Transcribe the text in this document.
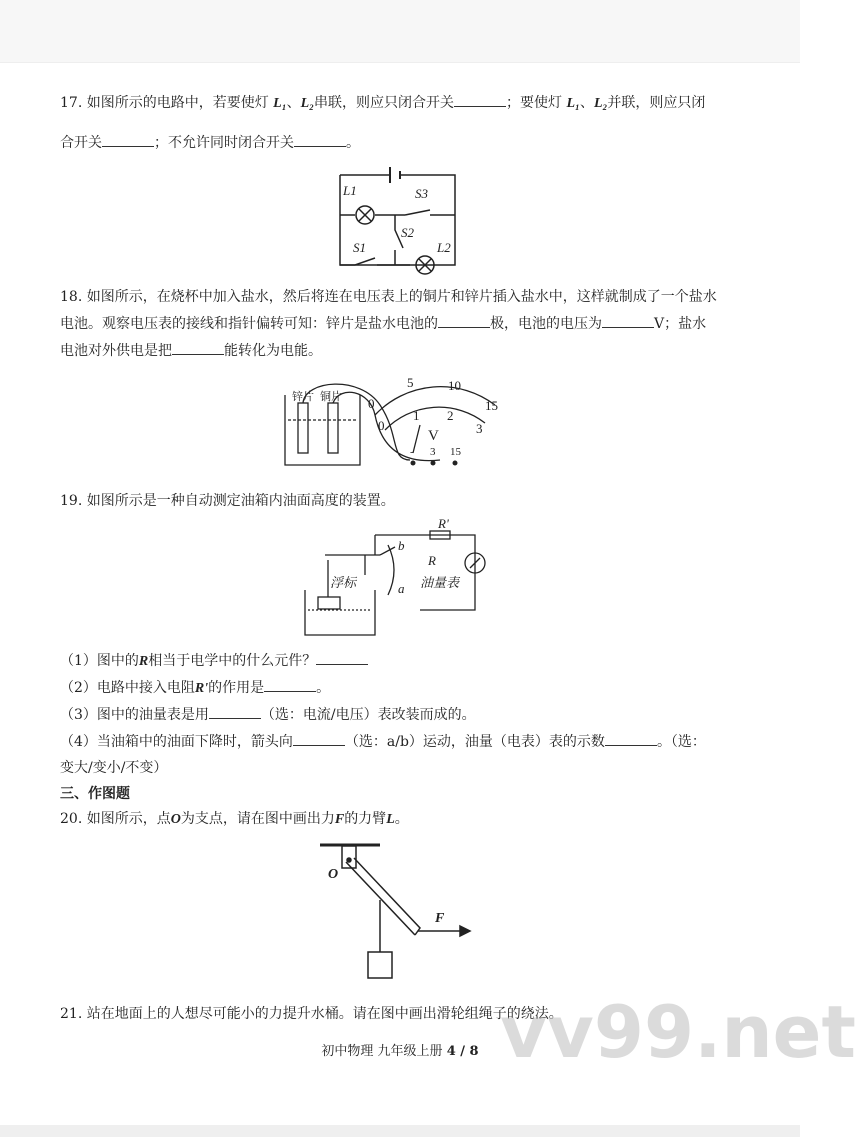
17. 如图所示的电路中，若要使灯 L₁、L₂串联，则应只闭合开关	；要使灯 L₁、L₂并联，则应只闭
合开关	；不允许同时闭合开关	。
L1	S3
S2
S1	L2
18. 如图所示，在烧杯中加入盐水，然后将连在电压表上的铜片和锌片插入盐水中，这样就制成了一个盐水
电池。观察电压表的接线和指针偏转可知：锌片是盐水电池的	极，电池的电压为	V；盐水
电池对外供电是把	能转化为电能。
锌片 铜片 0
5	10
15
0
1 2
3
V
- 3 15
19. 如图所示是一种自动测定油箱内油面高度的装置。
R'
R
b
a
浮标	油量表
（1）图中的R相当于电学中的什么元件？
（2）电路中接入电阻R'的作用是	。
（3）图中的油量表是用	（选：电流/电压）表改装而成的。
（4）当油箱中的油面下降时，箭头向	（选：a/b）运动，油量（电表）表的示数	。（选：
变大/变小/不变）
三、作图题
20. 如图所示，点O为支点，请在图中画出力F的力臂L。
O
F
21. 站在地面上的人想尽可能小的力提升水桶。请在图中画出滑轮组绳子的绕法。
vv99.net
初中物理 九年级上册 4 / 8
